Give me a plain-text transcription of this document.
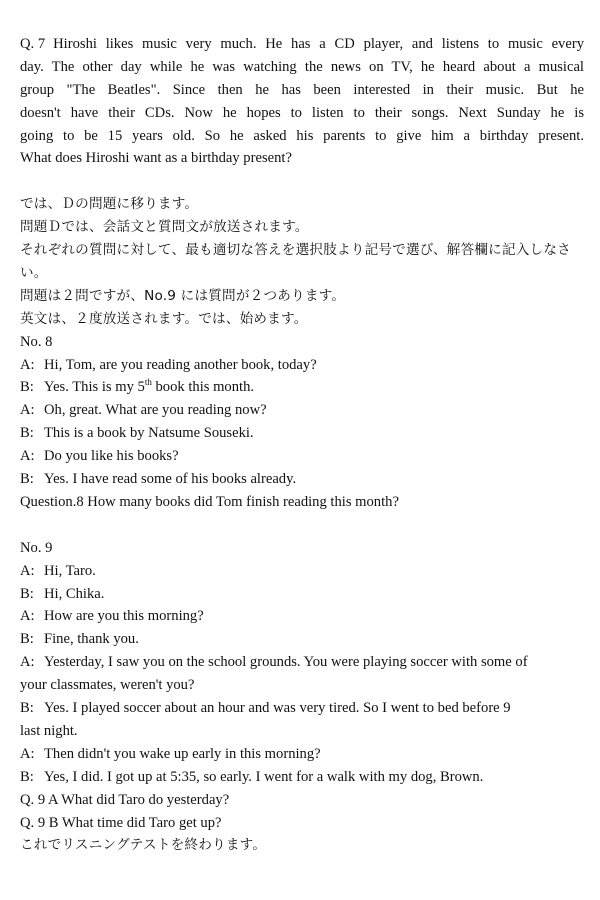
Q. 7 Hiroshi likes music very much. He has a CD player, and listens to music every
day. The other day while he was watching the news on TV, he heard about a musical
group "The Beatles". Since then he has been interested in their music. But he
doesn't have their CDs. Now he hopes to listen to their songs. Next Sunday he is
going to be 15 years old. So he asked his parents to give him a birthday present.
What does Hiroshi want as a birthday present?
では、Ｄの問題に移ります。
問題Ｄでは、会話文と質問文が放送されます。
それぞれの質問に対して、最も適切な答えを選択肢より記号で選び、解答欄に記入しなさ
い。
問題は２問ですが、No.9 には質問が２つあります。
英文は、２度放送されます。では、始めます。
No. 8
A: Hi, Tom, are you reading another book, today?
B: Yes. This is my 5th book this month.
A: Oh, great. What are you reading now?
B: This is a book by Natsume Souseki.
A: Do you like his books?
B: Yes. I have read some of his books already.
Question.8 How many books did Tom finish reading this month?
No. 9
A: Hi, Taro.
B: Hi, Chika.
A: How are you this morning?
B: Fine, thank you.
A: Yesterday, I saw you on the school grounds. You were playing soccer with some of
your classmates, weren't you?
B: Yes. I played soccer about an hour and was very tired. So I went to bed before 9
last night.
A: Then didn't you wake up early in this morning?
B: Yes, I did. I got up at 5:35, so early. I went for a walk with my dog, Brown.
Q. 9 A What did Taro do yesterday?
Q. 9 B What time did Taro get up?
これでリスニングテストを終わります。
